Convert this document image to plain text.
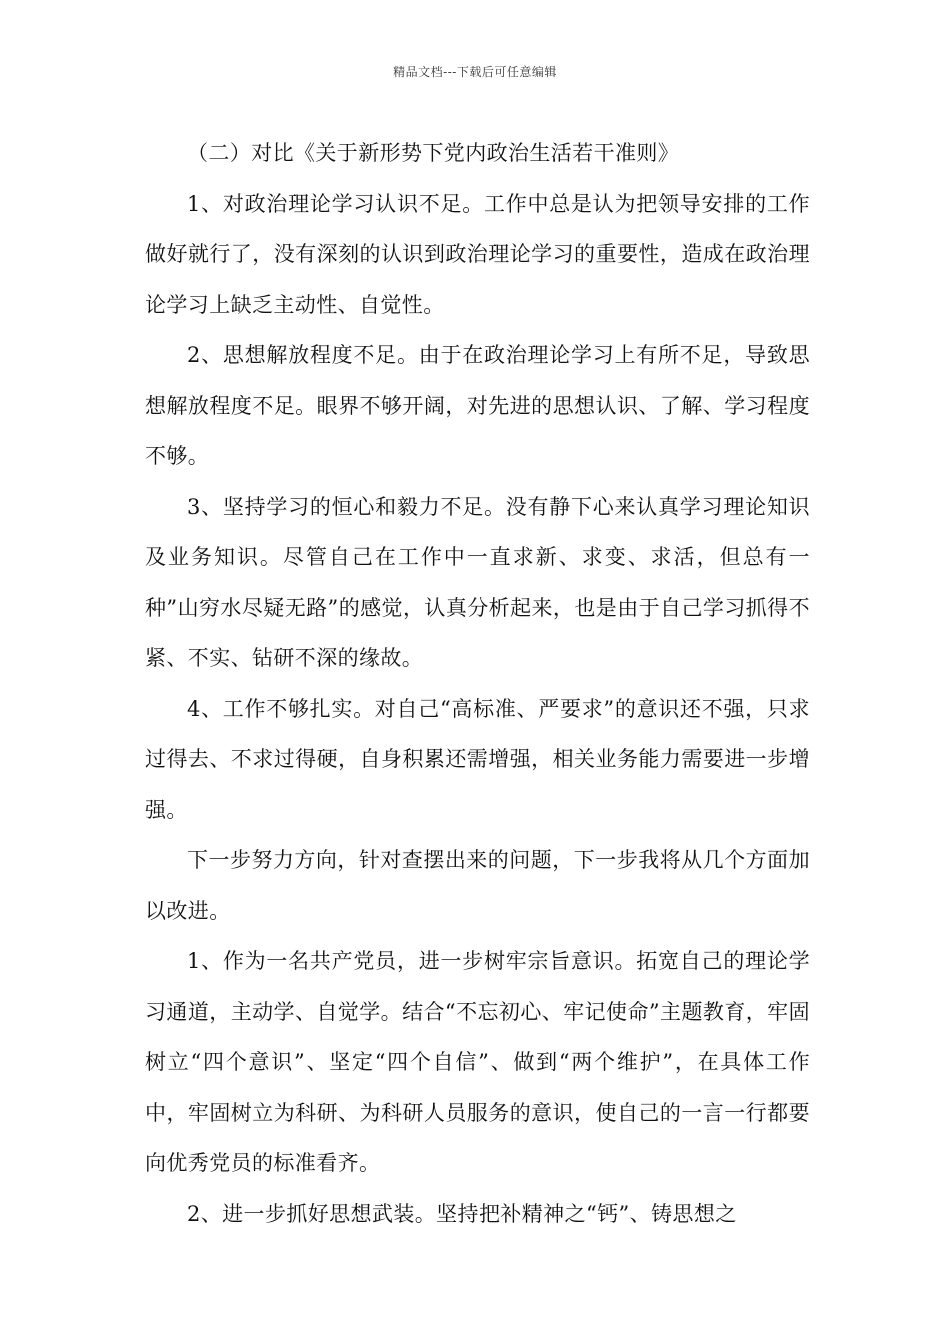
精品文档---下载后可任意编辑

（二）对比《关于新形势下党内政治生活若干准则》

1、对政治理论学习认识不足。工作中总是认为把领导安排的工作做好就行了，没有深刻的认识到政治理论学习的重要性，造成在政治理论学习上缺乏主动性、自觉性。

2、思想解放程度不足。由于在政治理论学习上有所不足，导致思想解放程度不足。眼界不够开阔，对先进的思想认识、了解、学习程度不够。

3、坚持学习的恒心和毅力不足。没有静下心来认真学习理论知识及业务知识。尽管自己在工作中一直求新、求变、求活，但总有一种”山穷水尽疑无路”的感觉，认真分析起来，也是由于自己学习抓得不紧、不实、钻研不深的缘故。

4、工作不够扎实。对自己“高标准、严要求”的意识还不强，只求过得去、不求过得硬，自身积累还需增强，相关业务能力需要进一步增强。

下一步努力方向，针对查摆出来的问题，下一步我将从几个方面加以改进。

1、作为一名共产党员，进一步树牢宗旨意识。拓宽自己的理论学习通道，主动学、自觉学。结合“不忘初心、牢记使命”主题教育，牢固树立“四个意识”、坚定“四个自信”、做到“两个维护”，在具体工作中，牢固树立为科研、为科研人员服务的意识，使自己的一言一行都要向优秀党员的标准看齐。

2、进一步抓好思想武装。坚持把补精神之“钙”、铸思想之
